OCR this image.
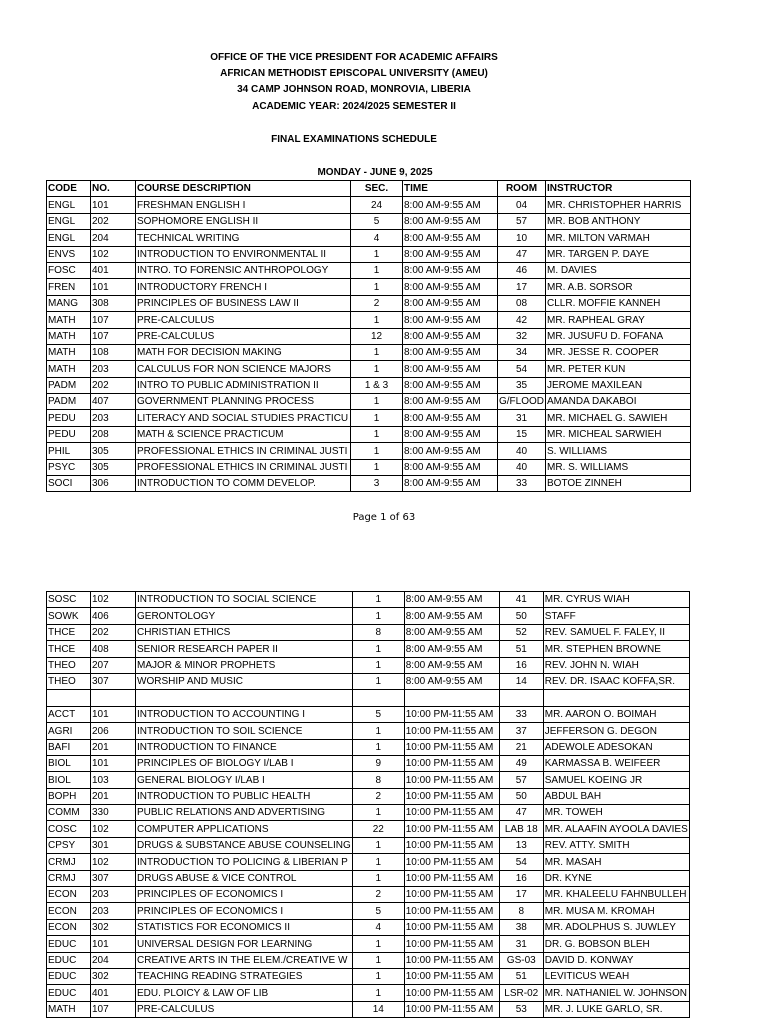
OFFICE OF THE VICE PRESIDENT FOR ACADEMIC AFFAIRS
AFRICAN METHODIST EPISCOPAL UNIVERSITY (AMEU)
34 CAMP JOHNSON ROAD, MONROVIA, LIBERIA
ACADEMIC YEAR: 2024/2025 SEMESTER II
FINAL EXAMINATIONS SCHEDULE
MONDAY - JUNE 9, 2025
CODE	NO.	COURSE DESCRIPTION	SEC.	TIME	ROOM	INSTRUCTOR
ENGL	101	FRESHMAN ENGLISH I	24	8:00 AM-9:55 AM	04	MR. CHRISTOPHER HARRIS
ENGL	202	SOPHOMORE ENGLISH II	5	8:00 AM-9:55 AM	57	MR. BOB ANTHONY
ENGL	204	TECHNICAL WRITING	4	8:00 AM-9:55 AM	10	MR. MILTON VARMAH
ENVS	102	INTRODUCTION TO ENVIRONMENTAL II	1	8:00 AM-9:55 AM	47	MR. TARGEN P. DAYE
FOSC	401	INTRO. TO FORENSIC ANTHROPOLOGY	1	8:00 AM-9:55 AM	46	M. DAVIES
FREN	101	INTRODUCTORY FRENCH I	1	8:00 AM-9:55 AM	17	MR. A.B. SORSOR
MANG	308	PRINCIPLES OF BUSINESS LAW II	2	8:00 AM-9:55 AM	08	CLLR. MOFFIE KANNEH
MATH	107	PRE-CALCULUS	1	8:00 AM-9:55 AM	42	MR. RAPHEAL GRAY
MATH	107	PRE-CALCULUS	12	8:00 AM-9:55 AM	32	MR. JUSUFU D. FOFANA
MATH	108	MATH FOR DECISION MAKING	1	8:00 AM-9:55 AM	34	MR. JESSE R. COOPER
MATH	203	CALCULUS FOR NON SCIENCE MAJORS	1	8:00 AM-9:55 AM	54	MR. PETER KUN
PADM	202	INTRO TO PUBLIC ADMINISTRATION II	1 & 3	8:00 AM-9:55 AM	35	JEROME MAXILEAN
PADM	407	GOVERNMENT PLANNING PROCESS	1	8:00 AM-9:55 AM	G/FLOOD	AMANDA DAKABOI
PEDU	203	LITERACY AND SOCIAL STUDIES PRACTICU	1	8:00 AM-9:55 AM	31	MR. MICHAEL G. SAWIEH
PEDU	208	MATH & SCIENCE PRACTICUM	1	8:00 AM-9:55 AM	15	MR. MICHEAL SARWIEH
PHIL	305	PROFESSIONAL ETHICS IN CRIMINAL JUSTI	1	8:00 AM-9:55 AM	40	S. WILLIAMS
PSYC	305	PROFESSIONAL ETHICS IN CRIMINAL JUSTI	1	8:00 AM-9:55 AM	40	MR. S. WILLIAMS
SOCI	306	INTRODUCTION TO COMM DEVELOP.	3	8:00 AM-9:55 AM	33	BOTOE ZINNEH
Page 1 of 63
SOSC	102	INTRODUCTION TO SOCIAL SCIENCE	1	8:00 AM-9:55 AM	41	MR. CYRUS WIAH
SOWK	406	GERONTOLOGY	1	8:00 AM-9:55 AM	50	STAFF
THCE	202	CHRISTIAN ETHICS	8	8:00 AM-9:55 AM	52	REV. SAMUEL F. FALEY, II
THCE	408	SENIOR RESEARCH PAPER II	1	8:00 AM-9:55 AM	51	MR. STEPHEN BROWNE
THEO	207	MAJOR & MINOR PROPHETS	1	8:00 AM-9:55 AM	16	REV. JOHN N. WIAH
THEO	307	WORSHIP AND MUSIC	1	8:00 AM-9:55 AM	14	REV. DR. ISAAC KOFFA,SR.

ACCT	101	INTRODUCTION TO ACCOUNTING I	5	10:00 PM-11:55 AM	33	MR. AARON O. BOIMAH
AGRI	206	INTRODUCTION TO SOIL SCIENCE	1	10:00 PM-11:55 AM	37	JEFFERSON G. DEGON
BAFI	201	INTRODUCTION TO FINANCE	1	10:00 PM-11:55 AM	21	ADEWOLE ADESOKAN
BIOL	101	PRINCIPLES OF BIOLOGY I/LAB I	9	10:00 PM-11:55 AM	49	KARMASSA B. WEIFEER
BIOL	103	GENERAL BIOLOGY I/LAB I	8	10:00 PM-11:55 AM	57	SAMUEL KOEING JR
BOPH	201	INTRODUCTION TO PUBLIC HEALTH	2	10:00 PM-11:55 AM	50	ABDUL BAH
COMM	330	PUBLIC RELATIONS AND ADVERTISING	1	10:00 PM-11:55 AM	47	MR. TOWEH
COSC	102	COMPUTER APPLICATIONS	22	10:00 PM-11:55 AM	LAB 18	MR. ALAAFIN AYOOLA DAVIES
CPSY	301	DRUGS & SUBSTANCE ABUSE COUNSELING	1	10:00 PM-11:55 AM	13	REV. ATTY. SMITH
CRMJ	102	INTRODUCTION TO POLICING & LIBERIAN P	1	10:00 PM-11:55 AM	54	MR. MASAH
CRMJ	307	DRUGS ABUSE & VICE CONTROL	1	10:00 PM-11:55 AM	16	DR. KYNE
ECON	203	PRINCIPLES OF ECONOMICS I	2	10:00 PM-11:55 AM	17	MR. KHALEELU FAHNBULLEH
ECON	203	PRINCIPLES OF ECONOMICS I	5	10:00 PM-11:55 AM	8	MR. MUSA M. KROMAH
ECON	302	STATISTICS FOR ECONOMICS II	4	10:00 PM-11:55 AM	38	MR. ADOLPHUS S. JUWLEY
EDUC	101	UNIVERSAL DESIGN FOR LEARNING	1	10:00 PM-11:55 AM	31	DR. G. BOBSON BLEH
EDUC	204	CREATIVE ARTS IN THE ELEM./CREATIVE W	1	10:00 PM-11:55 AM	GS-03	DAVID D. KONWAY
EDUC	302	TEACHING READING STRATEGIES	1	10:00 PM-11:55 AM	51	LEVITICUS WEAH
EDUC	401	EDU. PLOICY & LAW OF LIB	1	10:00 PM-11:55 AM	LSR-02	MR. NATHANIEL W. JOHNSON
MATH	107	PRE-CALCULUS	14	10:00 PM-11:55 AM	53	MR. J. LUKE GARLO, SR.
